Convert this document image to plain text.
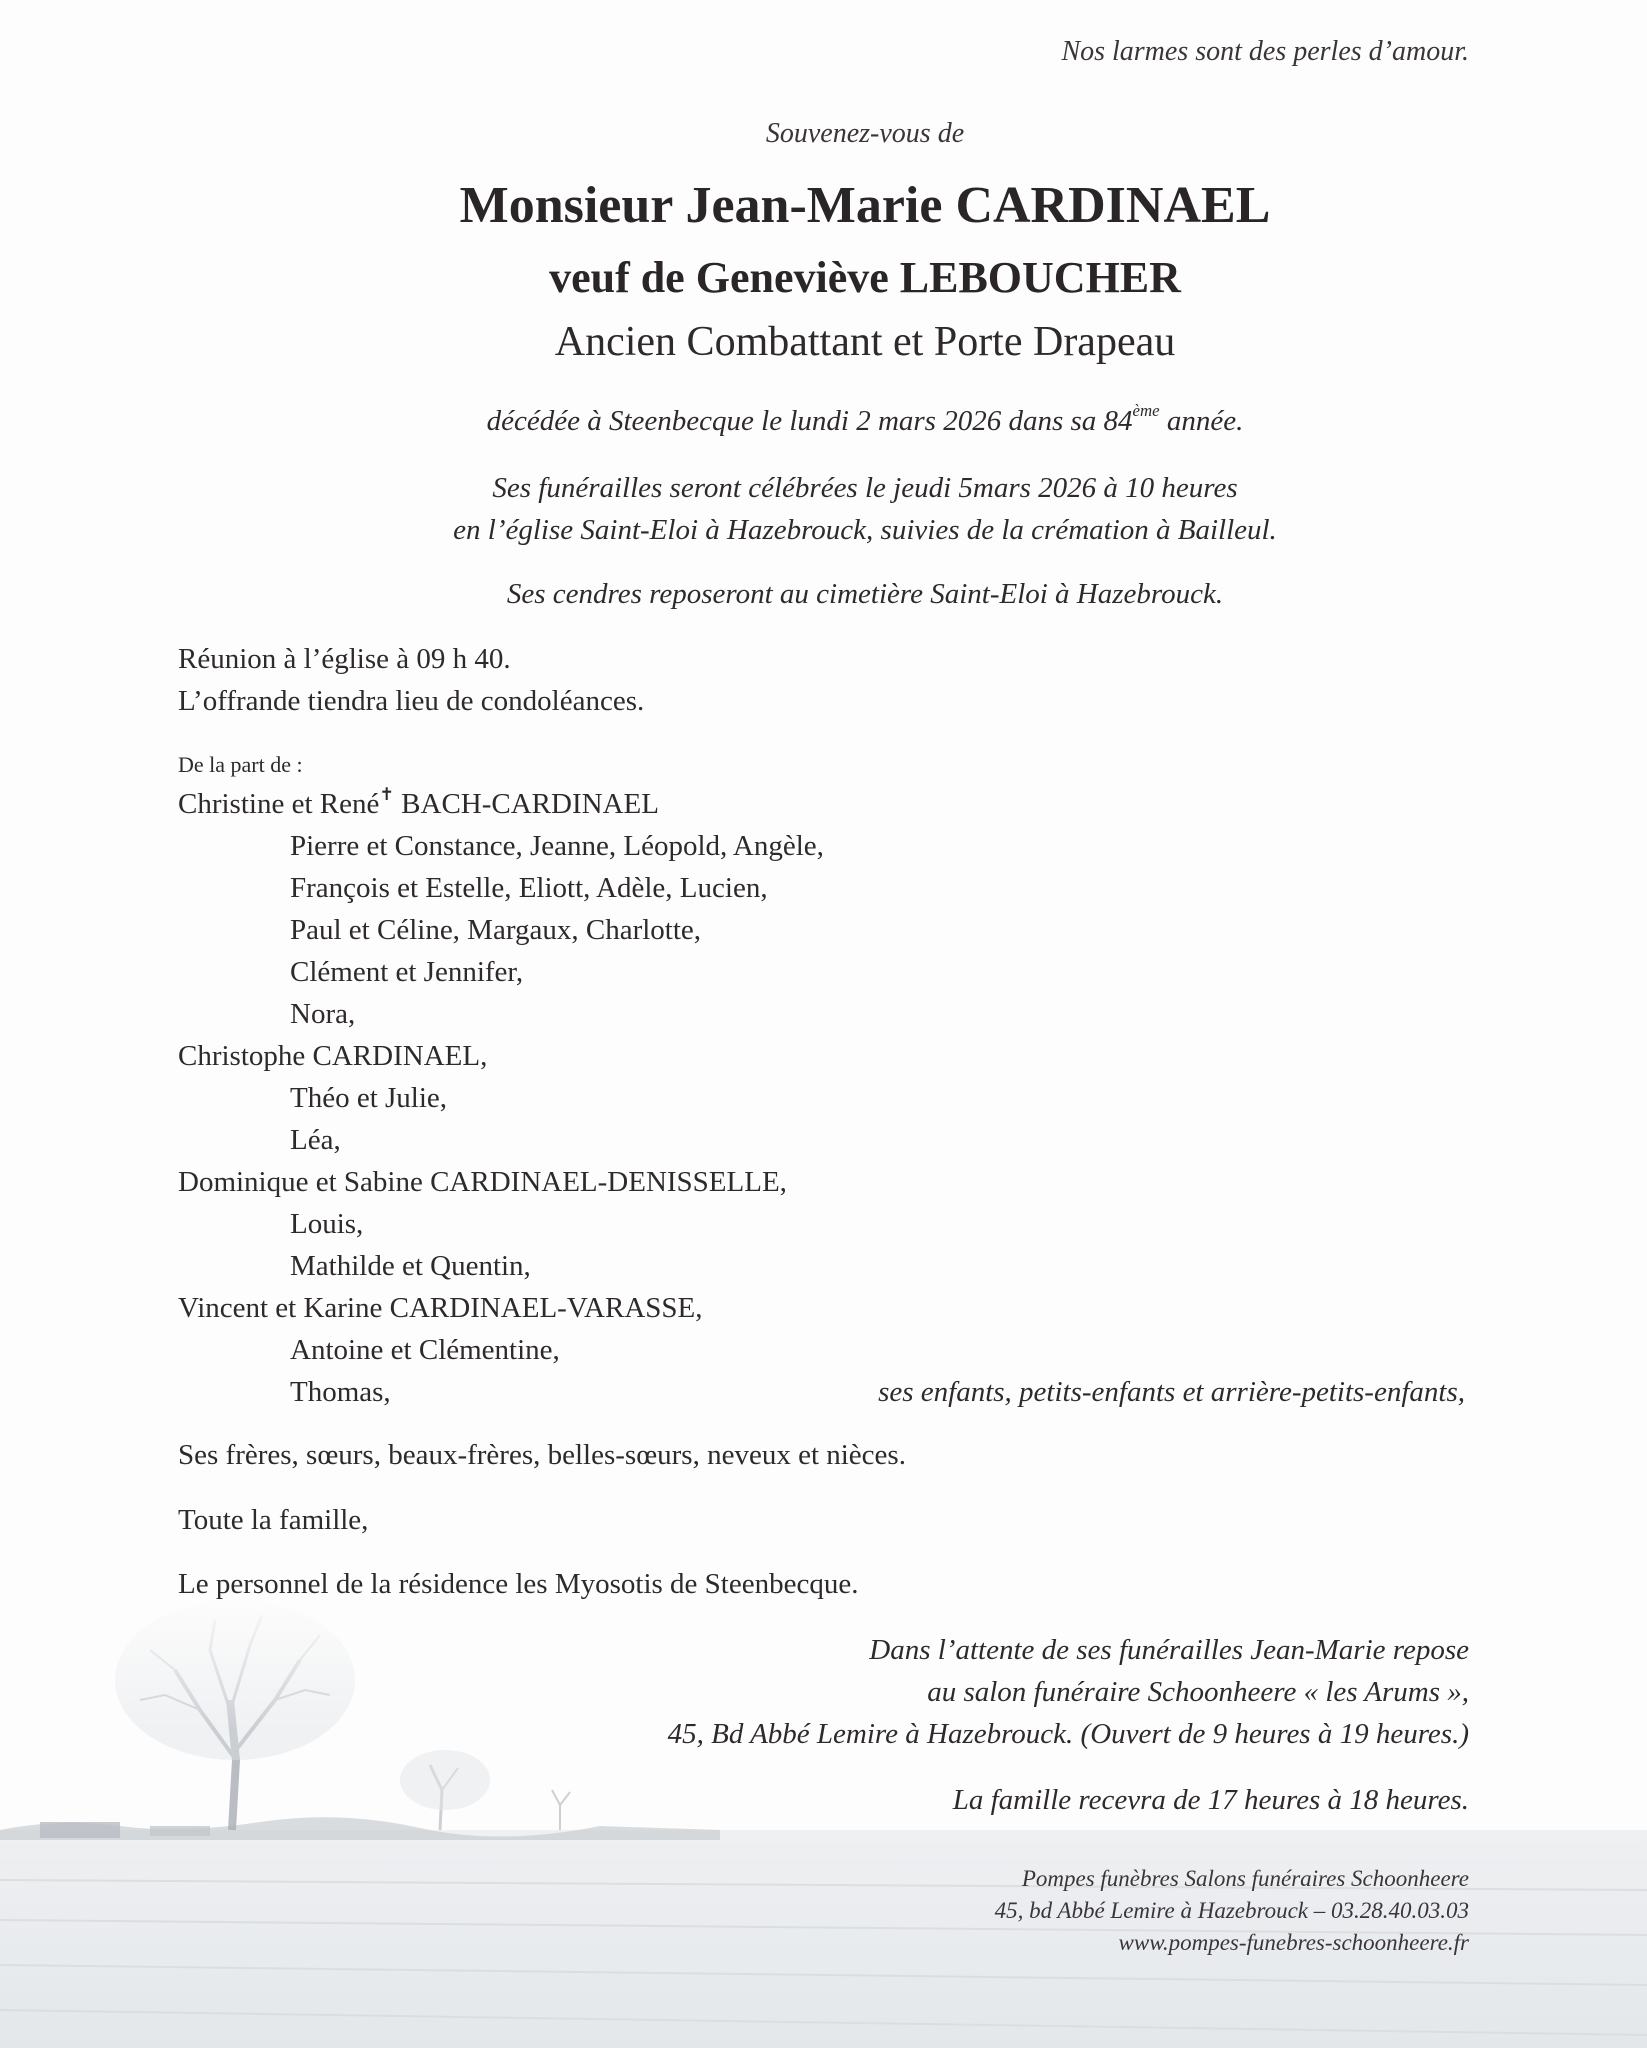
Nos larmes sont des perles d’amour.
Souvenez-vous de
Monsieur Jean-Marie CARDINAEL
veuf de Geneviève LEBOUCHER
Ancien Combattant et Porte Drapeau
décédée à Steenbecque le lundi 2 mars 2026 dans sa 84ème année.
Ses funérailles seront célébrées le jeudi 5mars 2026 à 10 heures
en l’église Saint-Eloi à Hazebrouck, suivies de la crémation à Bailleul.
Ses cendres reposeront au cimetière Saint-Eloi à Hazebrouck.
Réunion à l’église à 09 h 40.
L’offrande tiendra lieu de condoléances.
De la part de :
Christine et René✝ BACH-CARDINAEL
Pierre et Constance, Jeanne, Léopold, Angèle,
François et Estelle, Eliott, Adèle, Lucien,
Paul et Céline, Margaux, Charlotte,
Clément et Jennifer,
Nora,
Christophe CARDINAEL,
Théo et Julie,
Léa,
Dominique et Sabine CARDINAEL-DENISSELLE,
Louis,
Mathilde et Quentin,
Vincent et Karine CARDINAEL-VARASSE,
Antoine et Clémentine,
Thomas,	ses enfants, petits-enfants et arrière-petits-enfants,
Ses frères, sœurs, beaux-frères, belles-sœurs, neveux et nièces.
Toute la famille,
Le personnel de la résidence les Myosotis de Steenbecque.
Dans l’attente de ses funérailles Jean-Marie repose
au salon funéraire Schoonheere « les Arums »,
45, Bd Abbé Lemire à Hazebrouck. (Ouvert de 9 heures à 19 heures.)
La famille recevra de 17 heures à 18 heures.
Pompes funèbres Salons funéraires Schoonheere
45, bd Abbé Lemire à Hazebrouck – 03.28.40.03.03
www.pompes-funebres-schoonheere.fr
